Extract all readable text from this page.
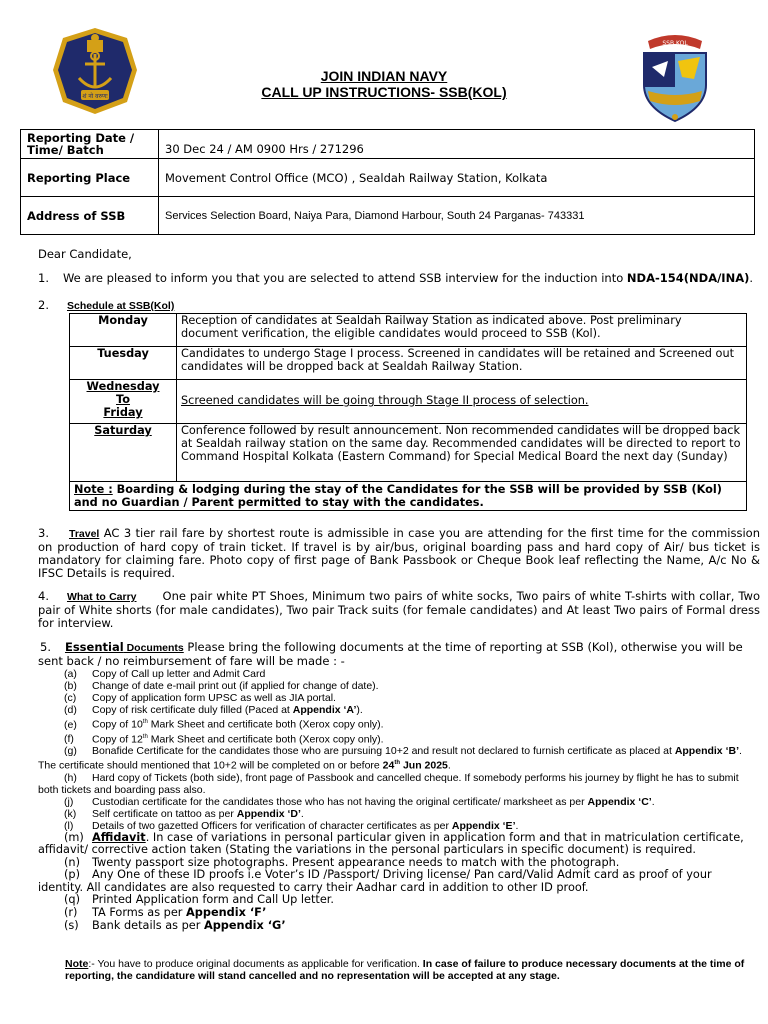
शं नो वरुणः
SSB KOL
JOIN INDIAN NAVY
CALL UP INSTRUCTIONS- SSB(KOL)
Reporting Date / Time/ Batch	30 Dec 24 / AM 0900 Hrs / 271296
Reporting Place	Movement Control Office (MCO) , Sealdah Railway Station, Kolkata
Address of SSB	Services Selection Board, Naiya Para, Diamond Harbour, South 24 Parganas- 743331
Dear Candidate,
1. We are pleased to inform you that you are selected to attend SSB interview for the induction into NDA-154(NDA/INA).
2. Schedule at SSB(Kol)
Monday	Reception of candidates at Sealdah Railway Station as indicated above. Post preliminary document verification, the eligible candidates would proceed to SSB (Kol).
Tuesday	Candidates to undergo Stage I process. Screened in candidates will be retained and Screened out candidates will be dropped back at Sealdah Railway Station.

Wednesday
To
Friday	Screened candidates will be going through Stage II process of selection.
Saturday	Conference followed by result announcement. Non recommended candidates will be dropped back at Sealdah railway station on the same day. Recommended candidates will be directed to report to Command Hospital Kolkata (Eastern Command) for Special Medical Board the next day (Sunday)
Note : Boarding & lodging during the stay of the Candidates for the SSB will be provided by SSB (Kol) and no Guardian / Parent permitted to stay with the candidates.	
3. Travel AC 3 tier rail fare by shortest route is admissible in case you are attending for the first time for the commission on production of hard copy of train ticket. If travel is by air/bus, original boarding pass and hard copy of Air/ bus ticket is mandatory for claiming fare. Photo copy of first page of Bank Passbook or Cheque Book leaf reflecting the Name, A/c No & IFSC Details is required.
4. What to Carry One pair white PT Shoes, Minimum two pairs of white socks, Two pairs of white T-shirts with collar, Two pair of White shorts (for male candidates), Two pair Track suits (for female candidates) and At least Two pairs of Formal dress for interview.
5. Essential Documents Please bring the following documents at the time of reporting at SSB (Kol), otherwise you will be sent back / no reimbursement of fare will be made : -
(a) Copy of Call up letter and Admit Card
(b) Change of date e-mail print out (if applied for change of date).
(c) Copy of application form UPSC as well as JIA portal.
(d) Copy of risk certificate duly filled (Paced at Appendix ‘A’).
(e) Copy of 10th Mark Sheet and certificate both (Xerox copy only).
(f) Copy of 12th Mark Sheet and certificate both (Xerox copy only).
(g) Bonafide Certificate for the candidates those who are pursuing 10+2 and result not declared to furnish certificate as placed at Appendix ‘B’. The certificate should mentioned that 10+2 will be completed on or before 24th Jun 2025.
(h) Hard copy of Tickets (both side), front page of Passbook and cancelled cheque. If somebody performs his journey by flight he has to submit both tickets and boarding pass also.
(j) Custodian certificate for the candidates those who has not having the original certificate/ marksheet as per Appendix ‘C’.
(k) Self certificate on tattoo as per Appendix ‘D’.
(l) Details of two gazetted Officers for verification of character certificates as per Appendix ‘E’.
(m) Affidavit. In case of variations in personal particular given in application form and that in matriculation certificate, affidavit/ corrective action taken (Stating the variations in the personal particulars in specific document) is required.
(n) Twenty passport size photographs. Present appearance needs to match with the photograph.
(p) Any One of these ID proofs i.e Voter’s ID /Passport/ Driving license/ Pan card/Valid Admit card as proof of your identity. All candidates are also requested to carry their Aadhar card in addition to other ID proof.
(q) Printed Application form and Call Up letter.
(r) TA Forms as per Appendix ‘F’
(s) Bank details as per Appendix ‘G’
Note:- You have to produce original documents as applicable for verification. In case of failure to produce necessary documents at the time of reporting, the candidature will stand cancelled and no representation will be accepted at any stage.
